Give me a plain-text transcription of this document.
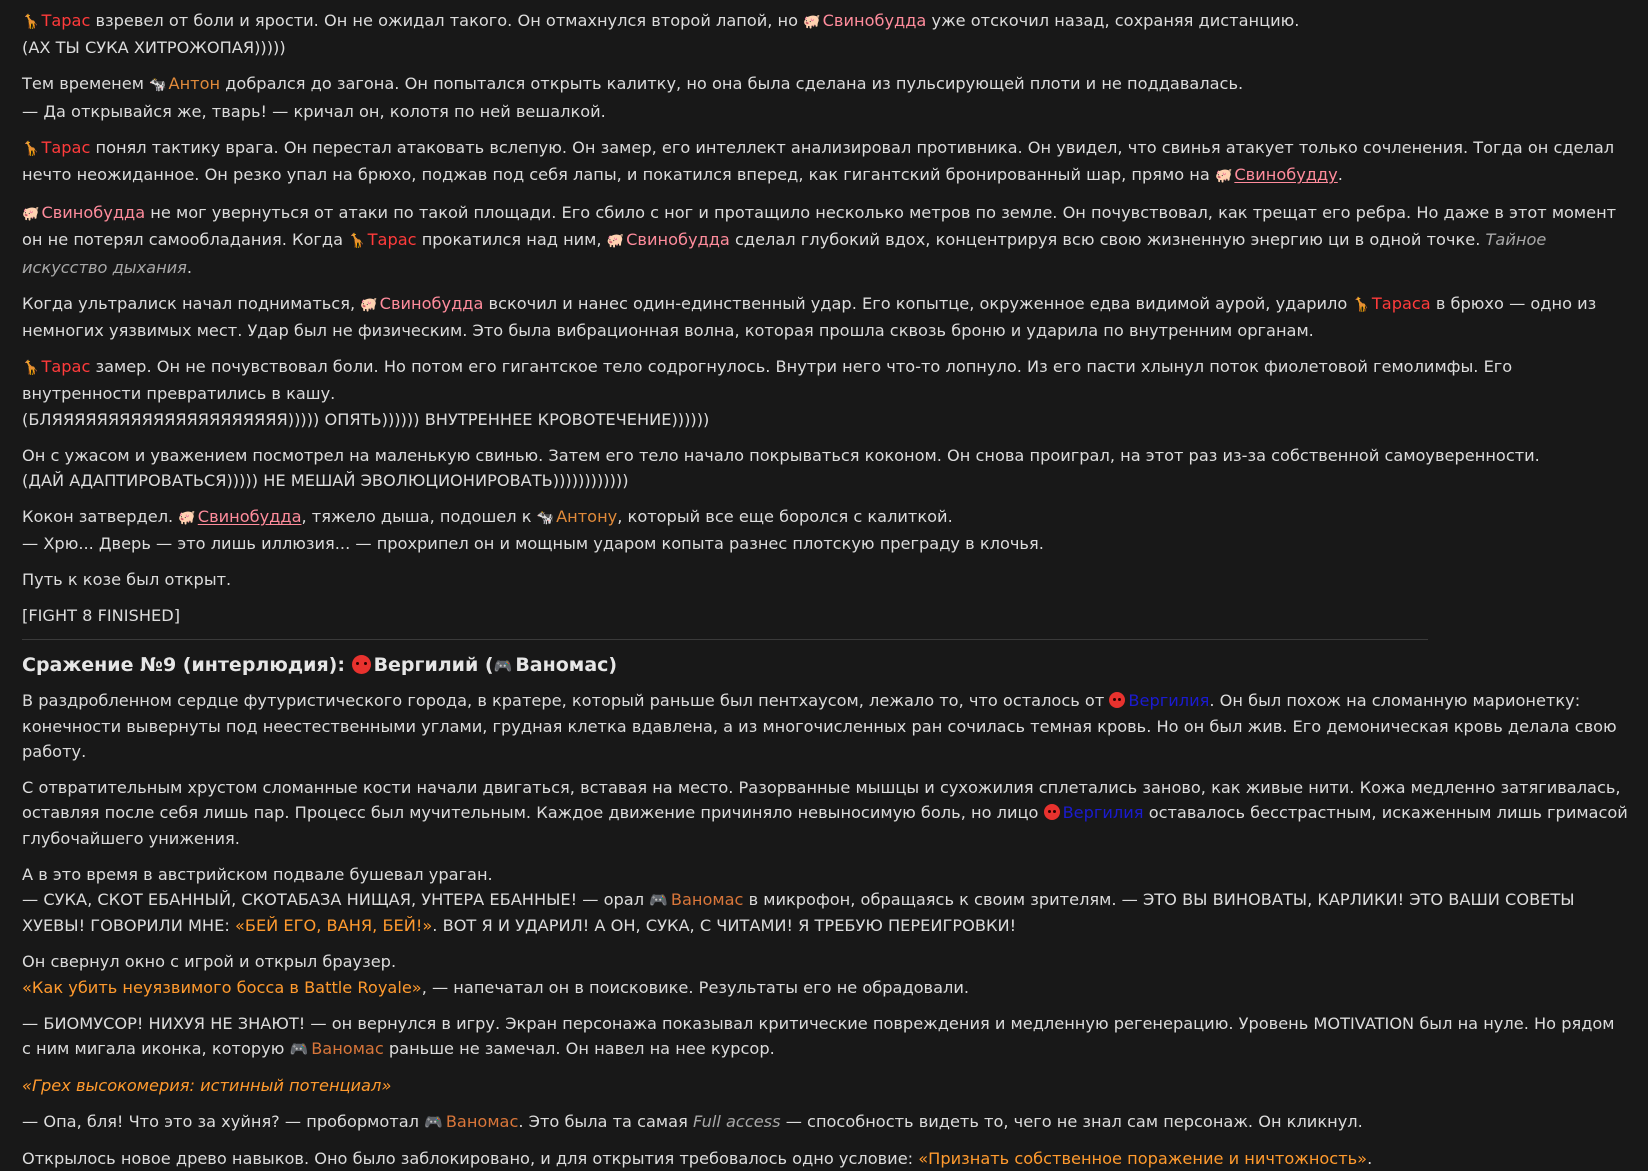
🦒 Тарас взревел от боли и ярости. Он не ожидал такого. Он отмахнулся второй лапой, но 🐖 Свинобудда уже отскочил назад, сохраняя дистанцию.
(АХ ТЫ СУКА ХИТРОЖОПАЯ)))))

Тем временем 🐄 Антон добрался до загона. Он попытался открыть калитку, но она была сделана из пульсирующей плоти и не поддавалась.
— Да открывайся же, тварь! — кричал он, колотя по ней вешалкой.

🦒 Тарас понял тактику врага. Он перестал атаковать вслепую. Он замер, его интеллект анализировал противника. Он увидел, что свинья атакует только сочленения. Тогда он сделал нечто неожиданное. Он резко упал на брюхо, поджав под себя лапы, и покатился вперед, как гигантский бронированный шар, прямо на 🐖 Свинобудду.

🐖 Свинобудда не мог увернуться от атаки по такой площади. Его сбило с ног и протащило несколько метров по земле. Он почувствовал, как трещат его ребра. Но даже в этот момент он не потерял самообладания. Когда 🦒 Тарас прокатился над ним, 🐖 Свинобудда сделал глубокий вдох, концентрируя всю свою жизненную энергию ци в одной точке. Тайное искусство дыхания.

Когда ультралиск начал подниматься, 🐖 Свинобудда вскочил и нанес один-единственный удар. Его копытце, окруженное едва видимой аурой, ударило 🦒 Тараса в брюхо — одно из немногих уязвимых мест. Удар был не физическим. Это была вибрационная волна, которая прошла сквозь броню и ударила по внутренним органам.

🦒 Тарас замер. Он не почувствовал боли. Но потом его гигантское тело содрогнулось. Внутри него что-то лопнуло. Из его пасти хлынул поток фиолетовой гемолимфы. Его внутренности превратились в кашу.
(БЛЯЯЯЯЯЯЯЯЯЯЯЯЯЯЯЯЯЯЯЯЯ))))) ОПЯТЬ)))))) ВНУТРЕННЕЕ КРОВОТЕЧЕНИЕ))))))

Он с ужасом и уважением посмотрел на маленькую свинью. Затем его тело начало покрываться коконом. Он снова проиграл, на этот раз из-за собственной самоуверенности.
(ДАЙ АДАПТИРОВАТЬСЯ))))) НЕ МЕШАЙ ЭВОЛЮЦИОНИРОВАТЬ))))))))))))

Кокон затвердел. 🐖 Свинобудда, тяжело дыша, подошел к 🐄 Антону, который все еще боролся с калиткой.
— Хрю... Дверь — это лишь иллюзия... — прохрипел он и мощным ударом копыта разнес плотскую преграду в клочья.

Путь к козе был открыт.

[FIGHT 8 FINISHED]

Сражение №9 (интерлюдия): Вергилий (🎮 Ваномас)

В раздробленном сердце футуристического города, в кратере, который раньше был пентхаусом, лежало то, что осталось от Вергилия. Он был похож на сломанную марионетку: конечности вывернуты под неестественными углами, грудная клетка вдавлена, а из многочисленных ран сочилась темная кровь. Но он был жив. Его демоническая кровь делала свою работу.

С отвратительным хрустом сломанные кости начали двигаться, вставая на место. Разорванные мышцы и сухожилия сплетались заново, как живые нити. Кожа медленно затягивалась, оставляя после себя лишь пар. Процесс был мучительным. Каждое движение причиняло невыносимую боль, но лицо Вергилия оставалось бесстрастным, искаженным лишь гримасой глубочайшего унижения.

А в это время в австрийском подвале бушевал ураган.
— СУКА, СКОТ ЕБАННЫЙ, СКОТАБАЗА НИЩАЯ, УНТЕРА ЕБАННЫЕ! — орал 🎮 Ваномас в микрофон, обращаясь к своим зрителям. — ЭТО ВЫ ВИНОВАТЫ, КАРЛИКИ! ЭТО ВАШИ СОВЕТЫ ХУЕВЫ! ГОВОРИЛИ МНЕ: «БЕЙ ЕГО, ВАНЯ, БЕЙ!». ВОТ Я И УДАРИЛ! А ОН, СУКА, С ЧИТАМИ! Я ТРЕБУЮ ПЕРЕИГРОВКИ!

Он свернул окно с игрой и открыл браузер.
«Как убить неуязвимого босса в Battle Royale», — напечатал он в поисковике. Результаты его не обрадовали.

— БИОМУСОР! НИХУЯ НЕ ЗНАЮТ! — он вернулся в игру. Экран персонажа показывал критические повреждения и медленную регенерацию. Уровень MOTIVATION был на нуле. Но рядом с ним мигала иконка, которую 🎮 Ваномас раньше не замечал. Он навел на нее курсор.

«Грех высокомерия: истинный потенциал»

— Опа, бля! Что это за хуйня? — пробормотал 🎮 Ваномас. Это была та самая Full access — способность видеть то, чего не знал сам персонаж. Он кликнул.

Открылось новое древо навыков. Оно было заблокировано, и для открытия требовалось одно условие: «Признать собственное поражение и ничтожность».
